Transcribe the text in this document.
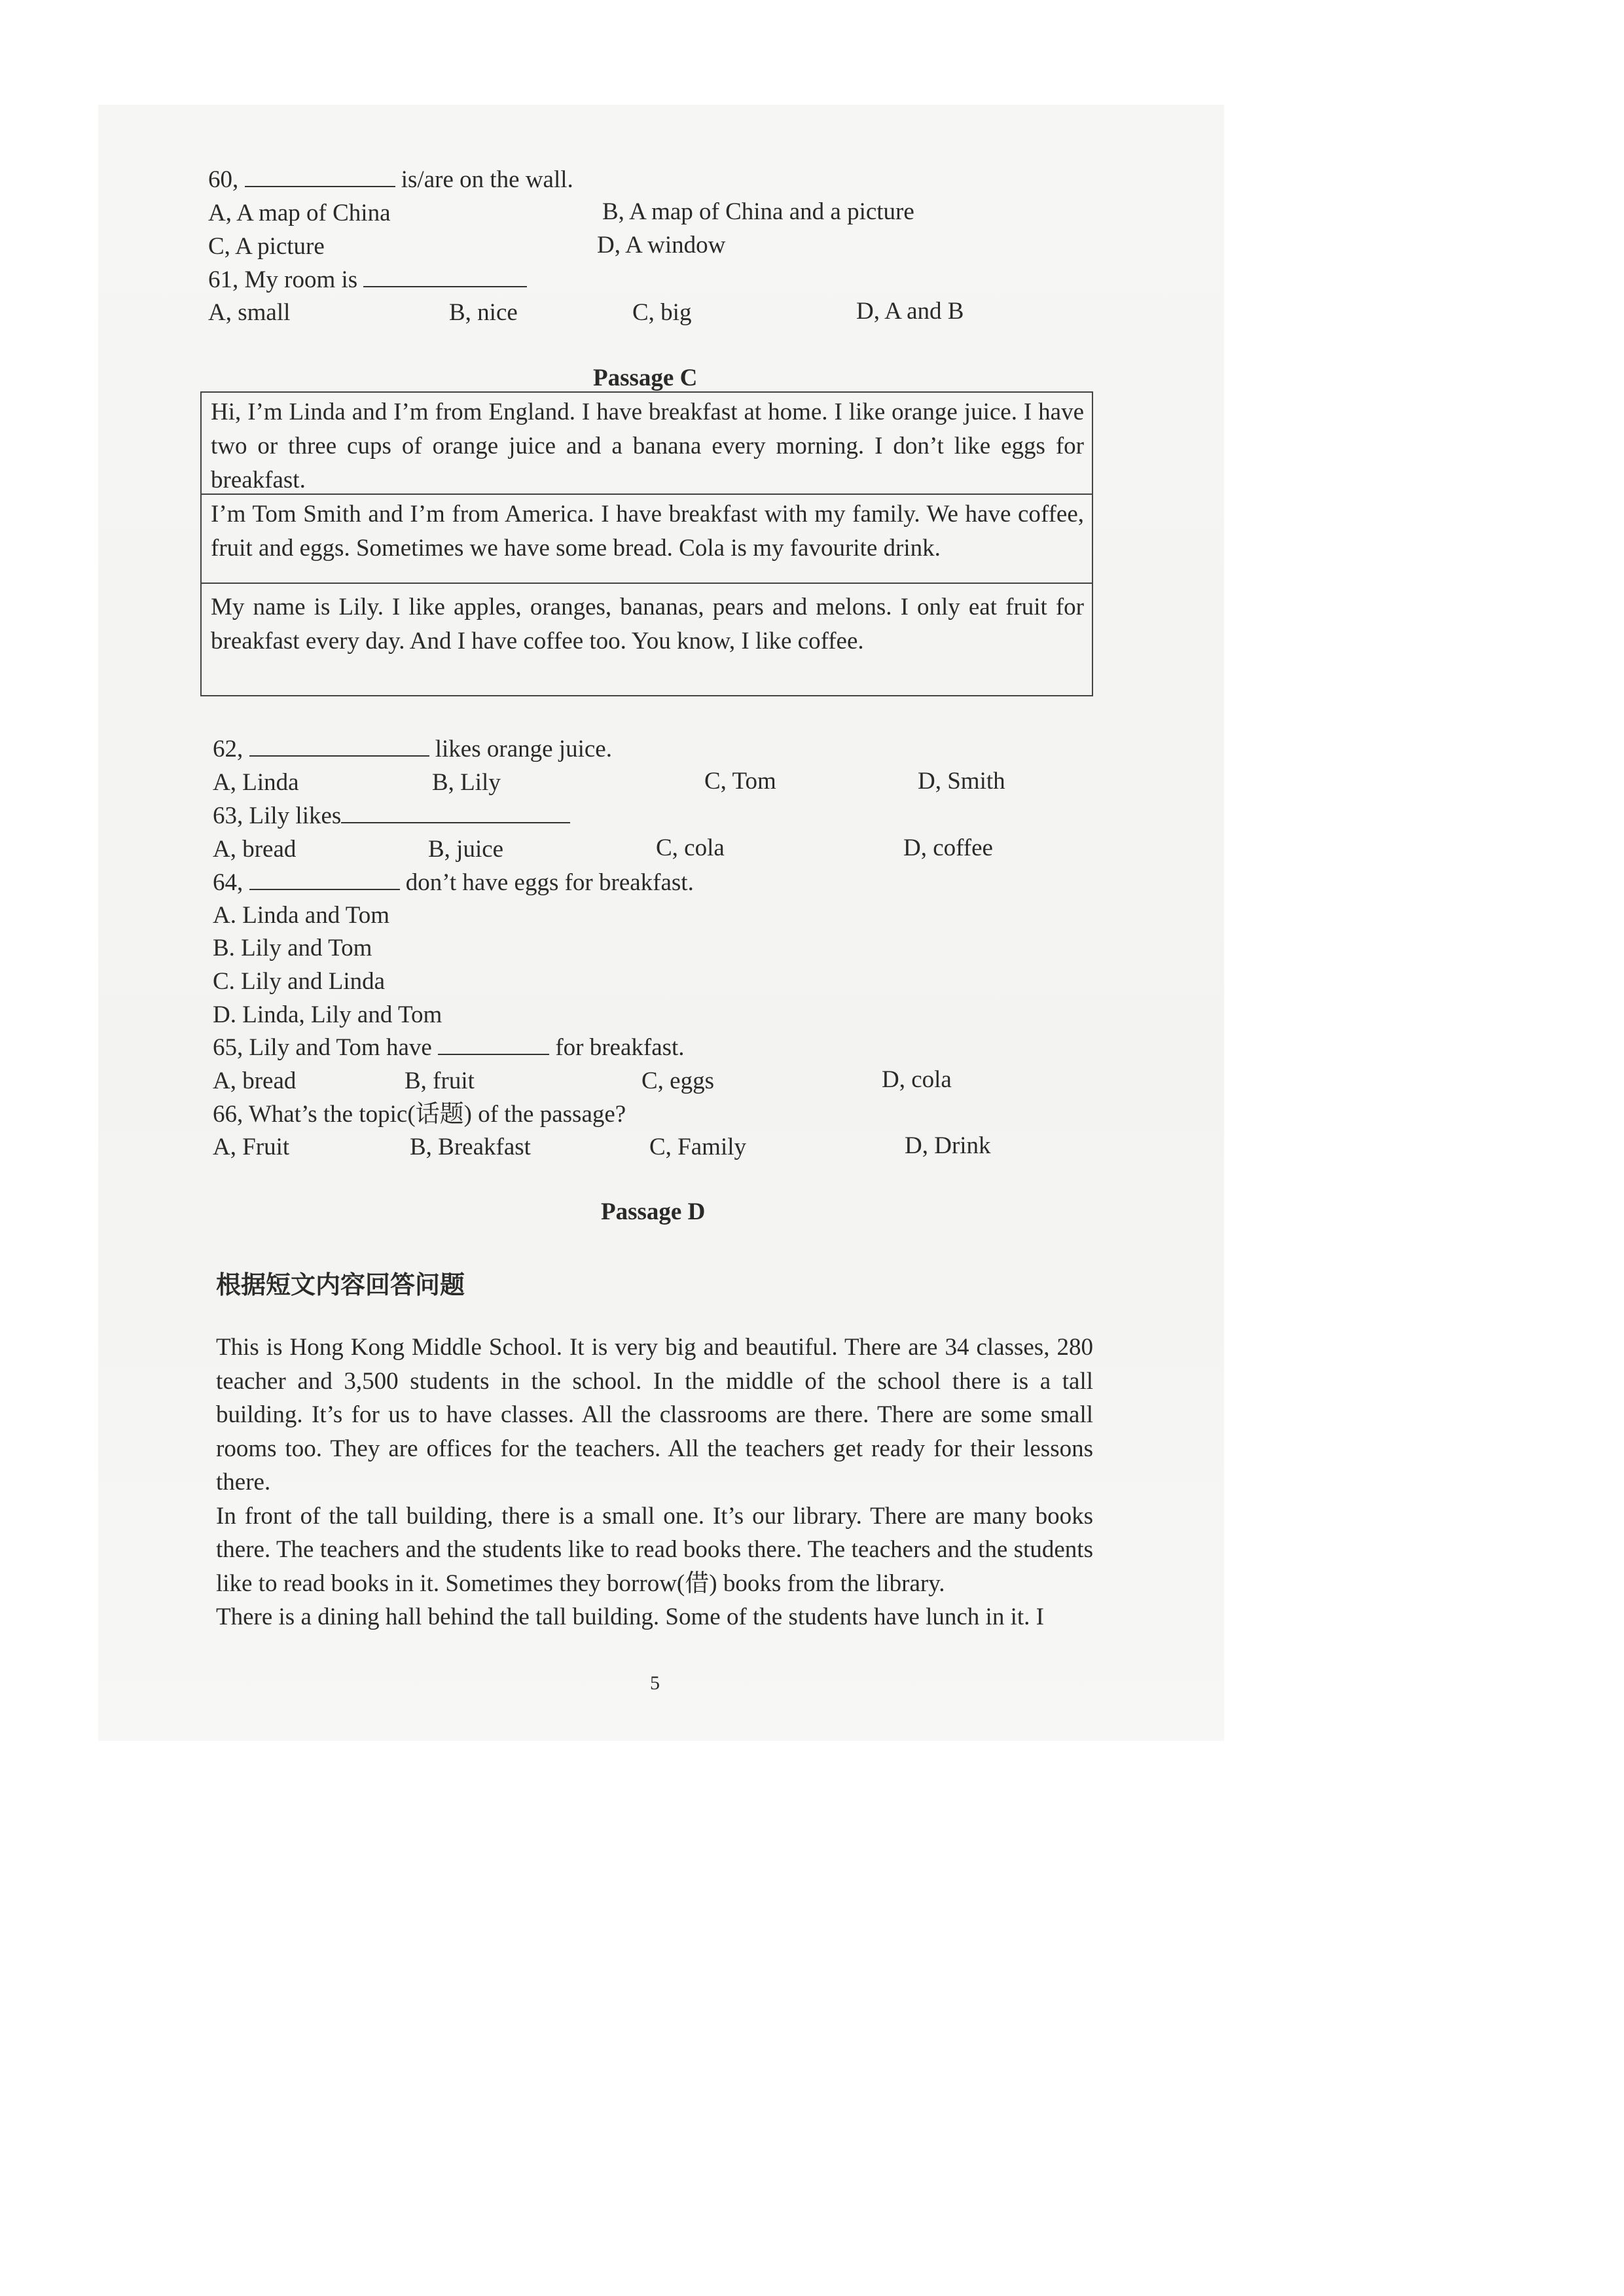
60,	is/are on the wall.
A, A map of China	B, A map of China and a picture
C, A picture	D, A window
61, My room is
A, small	B, nice	C, big	D, A and B
Passage C

Hi, I’m Linda and I’m from England. I have breakfast at home. I like orange juice. I have two or three cups of orange juice and a banana every morning. I don’t like eggs for breakfast.

I’m Tom Smith and I’m from America. I have breakfast with my family. We have coffee, fruit and eggs. Sometimes we have some bread. Cola is my favourite drink.

My name is Lily. I like apples, oranges, bananas, pears and melons. I only eat fruit for breakfast every day. And I have coffee too. You know, I like coffee.

62,	likes orange juice.
A, Linda	B, Lily	C, Tom	D, Smith
63, Lily likes
A, bread	B, juice	C, cola	D, coffee
64,	don’t have eggs for breakfast.
A. Linda and Tom
B. Lily and Tom
C. Lily and Linda
D. Linda, Lily and Tom
65, Lily and Tom have	for breakfast.
A, bread	B, fruit	C, eggs	D, cola
66, What’s the topic(话题) of the passage?
A, Fruit	B, Breakfast	C, Family	D, Drink
Passage D
根据短文内容回答问题

This is Hong Kong Middle School. It is very big and beautiful. There are 34 classes, 280 teacher and 3,500 students in the school. In the middle of the school there is a tall building. It’s for us to have classes. All the classrooms are there. There are some small rooms too. They are offices for the teachers. All the teachers get ready for their lessons there.

In front of the tall building, there is a small one. It’s our library. There are many books there. The teachers and the students like to read books there. The teachers and the students like to read books in it. Sometimes they borrow(借) books from the library.

There is a dining hall behind the tall building. Some of the students have lunch in it. I

5
